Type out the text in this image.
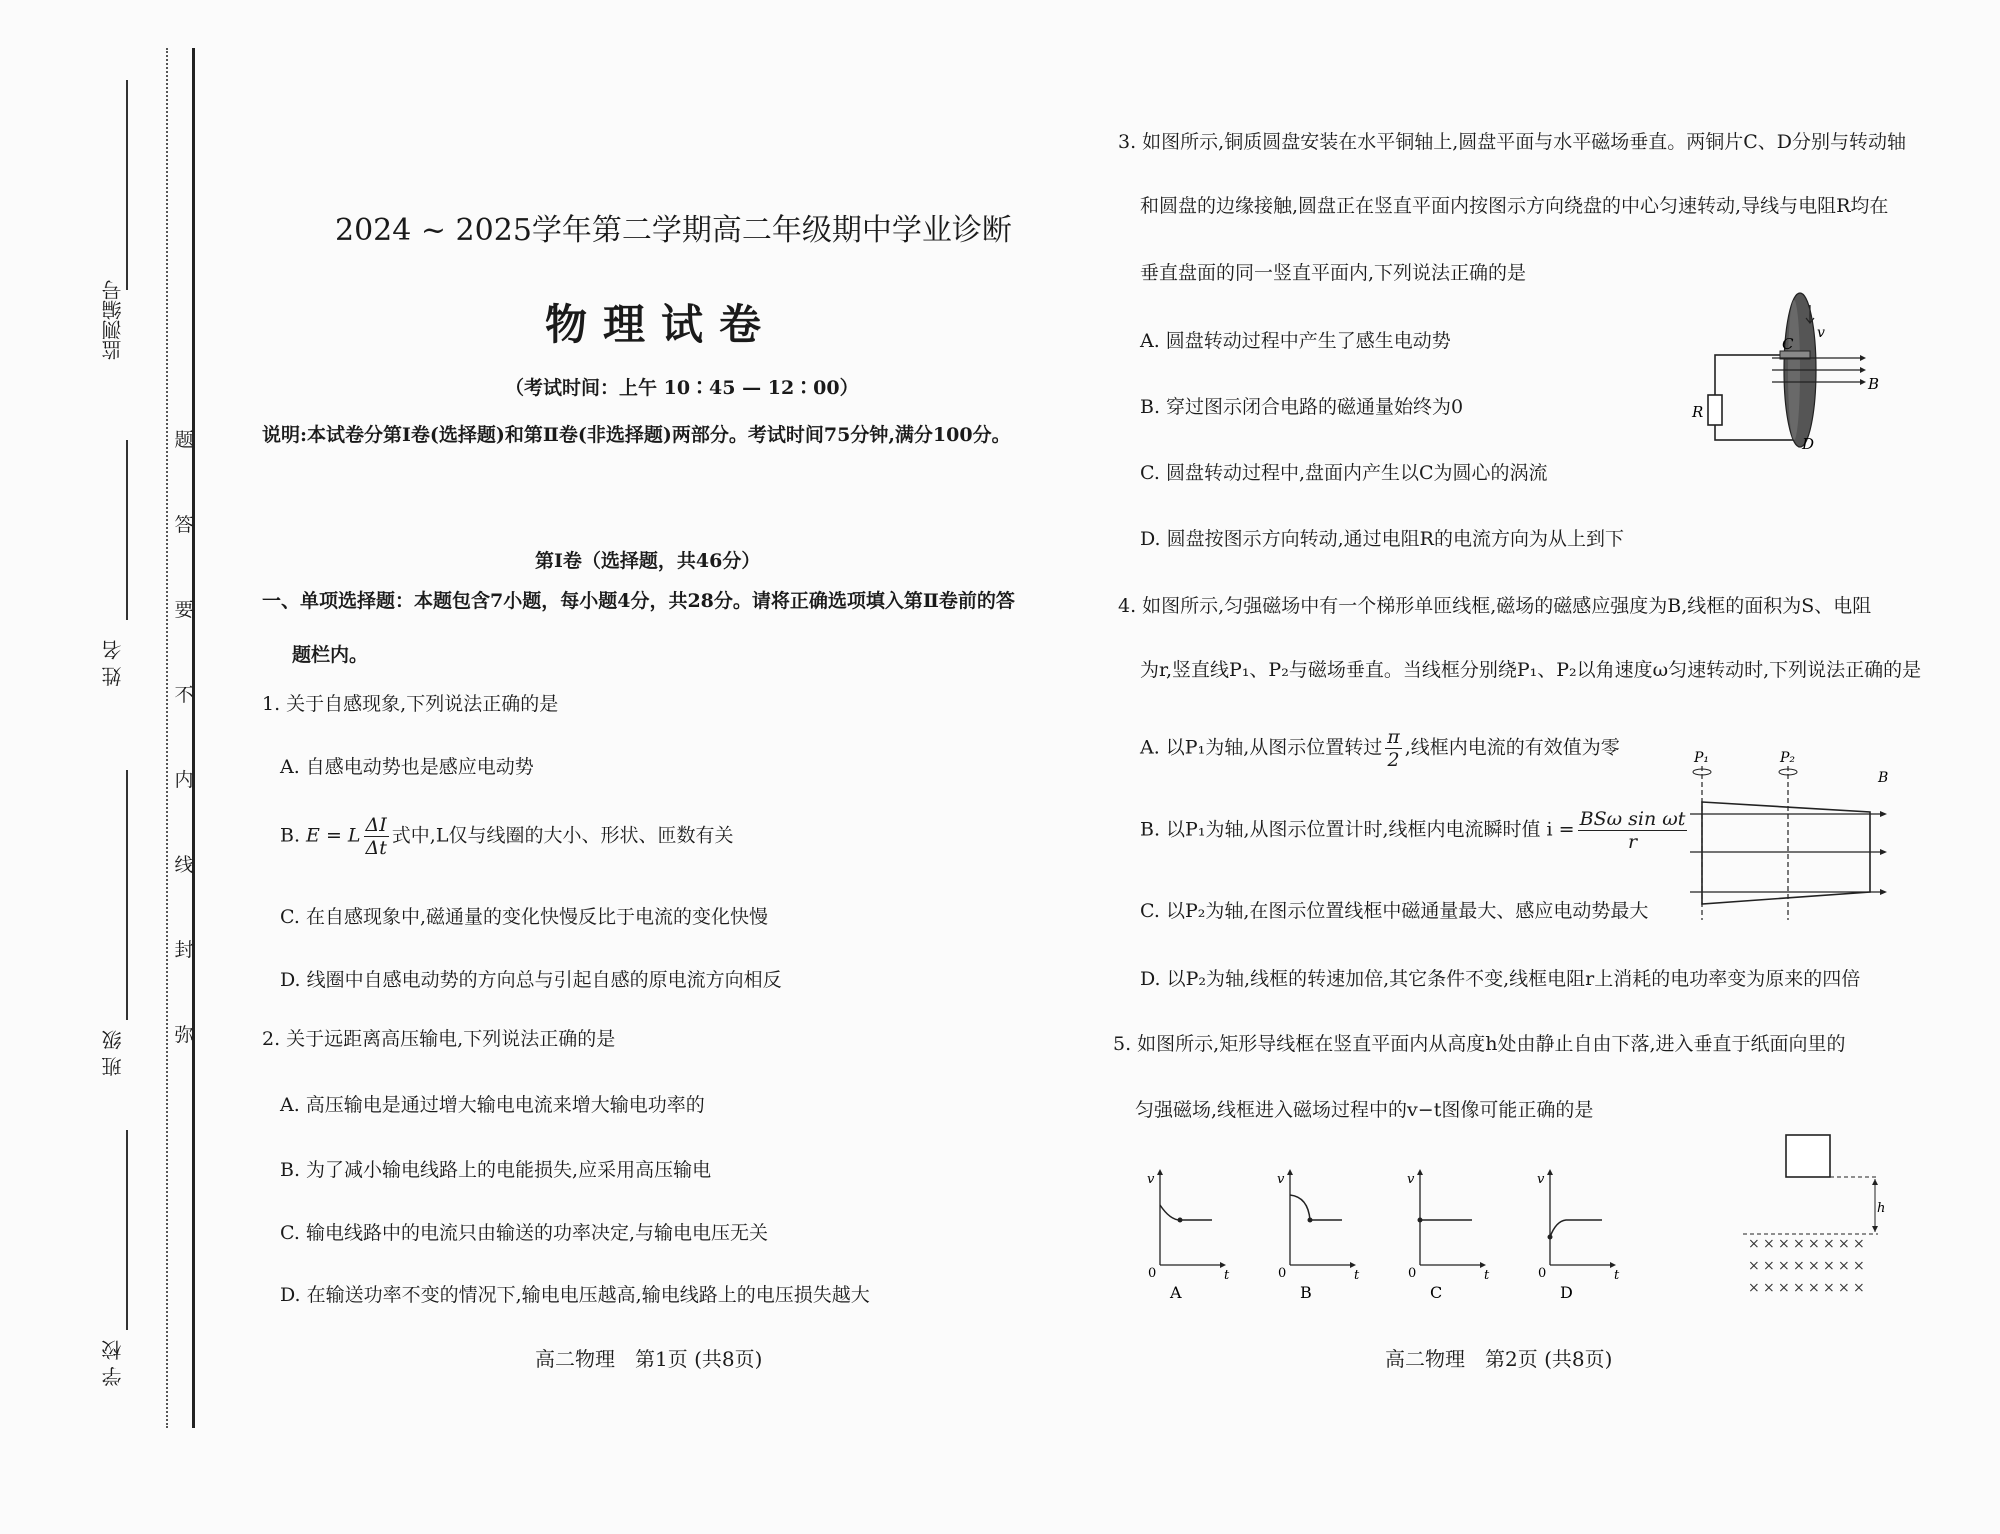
监测编号
姓 名
班 级
学 校
题
答
要
不
内
线
封
弥
2024 ~ 2025学年第二学期高二年级期中学业诊断
物理试卷
（考试时间：上午 10∶45 — 12∶00）
说明:本试卷分第Ⅰ卷(选择题)和第Ⅱ卷(非选择题)两部分。考试时间75分钟,满分100分。
第Ⅰ卷（选择题，共46分）
一、单项选择题：本题包含7小题，每小题4分，共28分。请将正确选项填入第Ⅱ卷前的答
题栏内。
1. 关于自感现象,下列说法正确的是
A. 自感电动势也是感应电动势
B. E = L $\frac{\Delta I}{\Delta t}$ 式中,L仅与线圈的大小、形状、匝数有关
C. 在自感现象中,磁通量的变化快慢反比于电流的变化快慢
D. 线圈中自感电动势的方向总与引起自感的原电流方向相反
2. 关于远距离高压输电,下列说法正确的是
A. 高压输电是通过增大输电电流来增大输电功率的
B. 为了减小输电线路上的电能损失,应采用高压输电
C. 输电线路中的电流只由输送的功率决定,与输电电压无关
D. 在输送功率不变的情况下,输电电压越高,输电线路上的电压损失越大
高二物理　第1页 (共8页)
3. 如图所示,铜质圆盘安装在水平铜轴上,圆盘平面与水平磁场垂直。两铜片C、D分别与转动轴
和圆盘的边缘接触,圆盘正在竖直平面内按图示方向绕盘的中心匀速转动,导线与电阻R均在
垂直盘面的同一竖直平面内,下列说法正确的是
A. 圆盘转动过程中产生了感生电动势
B. 穿过图示闭合电路的磁通量始终为0
C. 圆盘转动过程中,盘面内产生以C为圆心的涡流
D. 圆盘按图示方向转动,通过电阻R的电流方向为从上到下
v
C
B
R
D
4. 如图所示,匀强磁场中有一个梯形单匝线框,磁场的磁感应强度为B,线框的面积为S、电阻
为r,竖直线P₁、P₂与磁场垂直。当线框分别绕P₁、P₂以角速度ω匀速转动时,下列说法正确的是
A. 以P₁为轴,从图示位置转过 $\frac{\pi}{2}$ ,线框内电流的有效值为零
B. 以P₁为轴,从图示位置计时,线框内电流瞬时值 $i = \frac{\text{BSω sin ωt}}{r}$
C. 以P₂为轴,在图示位置线框中磁通量最大、感应电动势最大
D. 以P₂为轴,线框的转速加倍,其它条件不变,线框电阻r上消耗的电功率变为原来的四倍
P₁	P₂
B
5. 如图所示,矩形导线框在竖直平面内从高度h处由静止自由下落,进入垂直于纸面向里的
匀强磁场,线框进入磁场过程中的v−t图像可能正确的是
v
t
0
A
v
t
0
B
v
t
0
C
v
t
0
D
h
× × × × × × × ×
× × × × × × × ×
× × × × × × × ×
高二物理　第2页 (共8页)
